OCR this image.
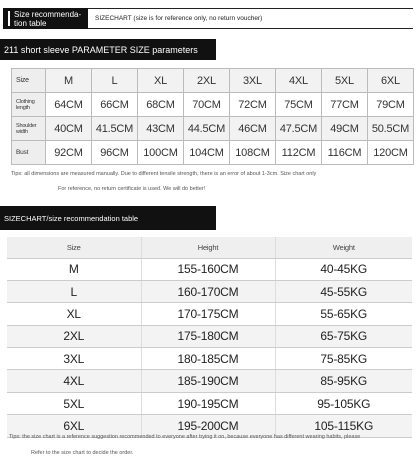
Size recommenda-
tion table	SIZECHART (size is for reference only, no return voucher)
211 short sleeve PARAMETER SIZE parameters
Size	M	L	XL	2XL	3XL	4XL	5XL	6XL
Clothing
length	64CM	66CM	68CM	70CM	72CM	75CM	77CM	79CM
Shoulder
width	40CM	41.5CM	43CM	44.5CM	46CM	47.5CM	49CM	50.5CM
Bust	92CM	96CM	100CM	104CM	108CM	112CM	116CM	120CM
Tips: all dimensions are measured manually. Due to different tensile strength, there is an error of about 1-3cm. Size chart only
For reference, no return certificate is used. We will do better!
SIZECHART/size recommendation table
Size	Height	Weight
M	155-160CM	40-45KG
L	160-170CM	45-55KG
XL	170-175CM	55-65KG
2XL	175-180CM	65-75KG
3XL	180-185CM	75-85KG
4XL	185-190CM	85-95KG
5XL	190-195CM	95-105KG
6XL	195-200CM	105-115KG
Tips: the size chart is a reference suggestion recommended to everyone after trying it on, because everyone has different wearing habits, please
Refer to the size chart to decide the order.
